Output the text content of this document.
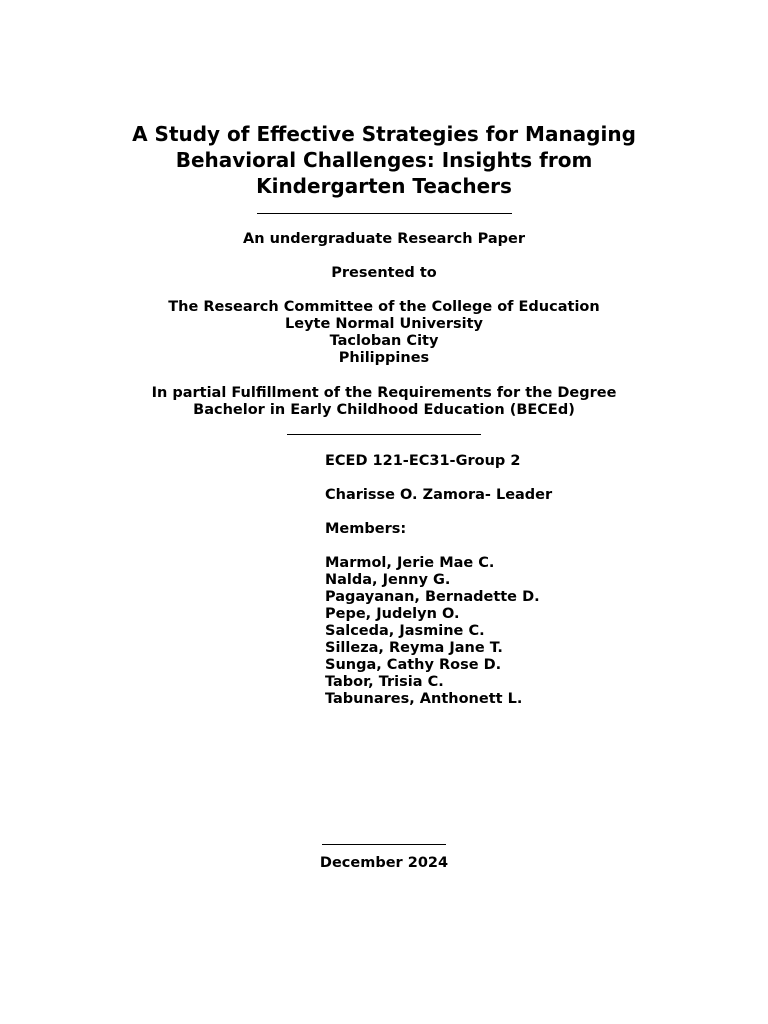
A Study of Effective Strategies for Managing
Behavioral Challenges: Insights from
Kindergarten Teachers
An undergraduate Research Paper
Presented to
The Research Committee of the College of Education
Leyte Normal University
Tacloban City
Philippines
In partial Fulfillment of the Requirements for the Degree
Bachelor in Early Childhood Education (BECEd)
ECED 121-EC31-Group 2
Charisse O. Zamora- Leader
Members:
Marmol, Jerie Mae C.
Nalda, Jenny G.
Pagayanan, Bernadette D.
Pepe, Judelyn O.
Salceda, Jasmine C.
Silleza, Reyma Jane T.
Sunga, Cathy Rose D.
Tabor, Trisia C.
Tabunares, Anthonett L.
December 2024
